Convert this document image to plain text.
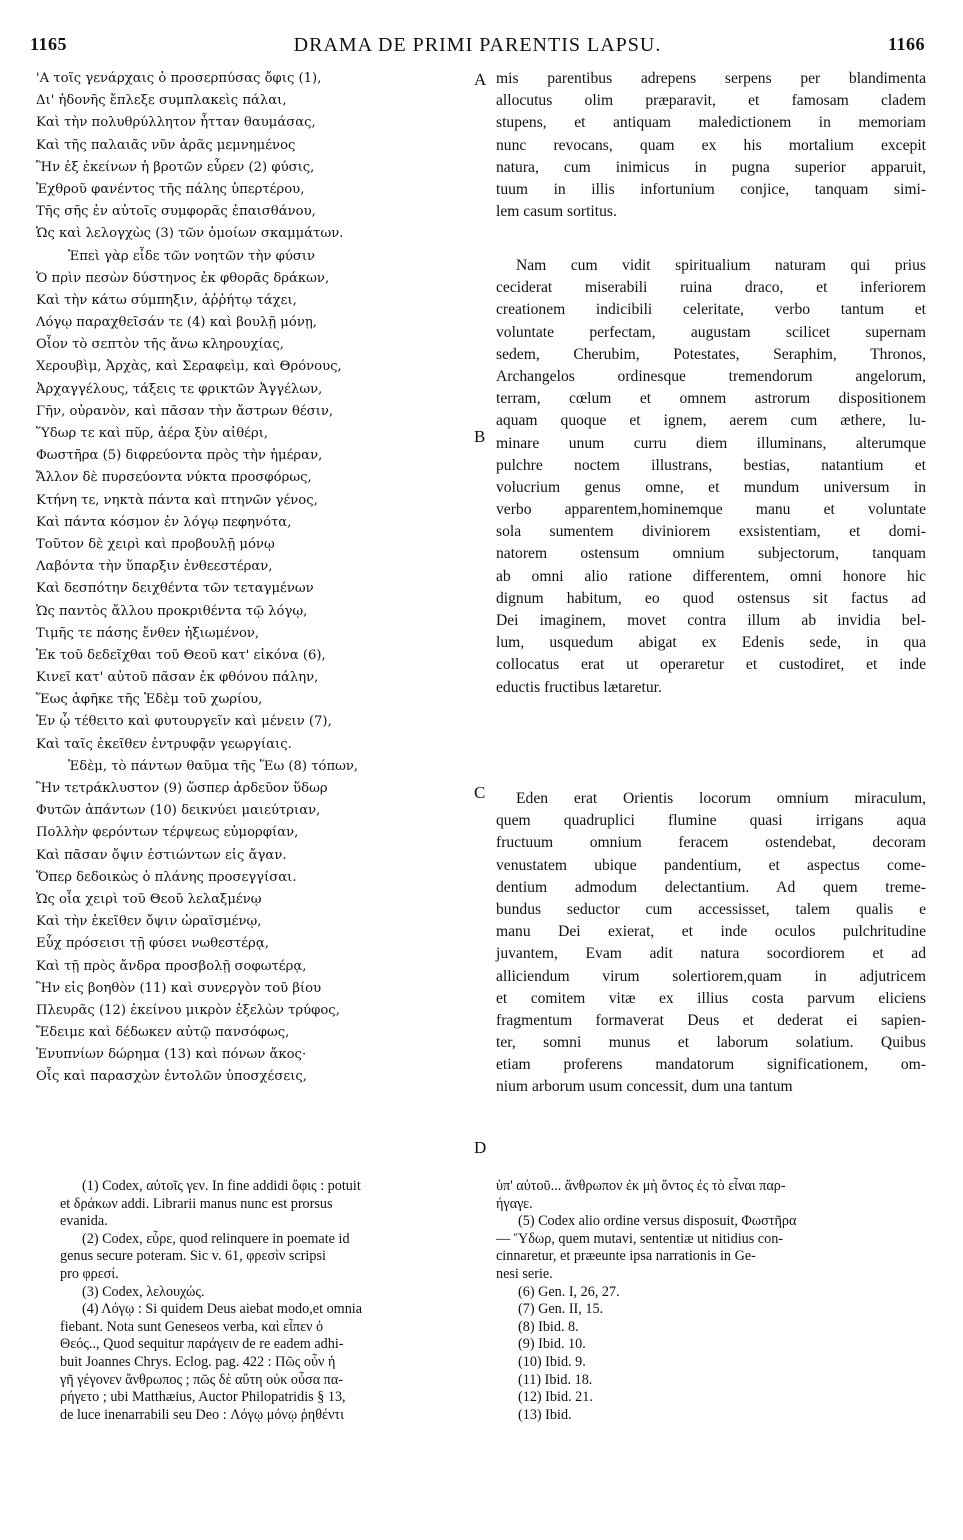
1165	DRAMA DE PRIMI PARENTIS LAPSU.	1166
'Α τοῖς γενάρχαις ὁ προσερπύσας ὄφις (1),
Δι' ἡδονῆς ἔπλεξε συμπλακεὶς πάλαι,
Καὶ τὴν πολυθρύλλητον ἧτταν θαυμάσας,
Καὶ τῆς παλαιᾶς νῦν ἀρᾶς μεμνημένος
Ἣν ἐξ ἐκείνων ἡ βροτῶν εὗρεν (2) φύσις,
Ἐχθροῦ φανέντος τῆς πάλης ὑπερτέρου,
Τῆς σῆς ἐν αὐτοῖς συμφορᾶς ἐπαισθάνου,
Ὡς καὶ λελογχὼς (3) τῶν ὁμοίων σκαμμάτων.
Ἐπεὶ γὰρ εἶδε τῶν νοητῶν τὴν φύσιν
Ὁ πρὶν πεσὼν δύστηνος ἐκ φθορᾶς δράκων,
Καὶ τὴν κάτω σύμπηξιν, ἀῤῥήτῳ τάχει,
Λόγῳ παραχθεῖσάν τε (4) καὶ βουλῇ μόνῃ,
Οἷον τὸ σεπτὸν τῆς ἄνω κληρουχίας,
Χερουβὶμ, Ἀρχὰς, καὶ Σεραφεὶμ, καὶ Θρόνους,
Ἀρχαγγέλους, τάξεις τε φρικτῶν Ἀγγέλων,
Γῆν, οὐρανὸν, καὶ πᾶσαν τὴν ἄστρων θέσιν,
Ὕδωρ τε καὶ πῦρ, ἀέρα ξὺν αἰθέρι,
Φωστῆρα (5) διφρεύοντα πρὸς τὴν ἡμέραν,
Ἄλλον δὲ πυρσεύοντα νύκτα προσφόρως,
Κτήνη τε, νηκτὰ πάντα καὶ πτηνῶν γένος,
Καὶ πάντα κόσμον ἐν λόγῳ πεφηνότα,
Τοῦτον δὲ χειρὶ καὶ προβουλῇ μόνῳ
Λαβόντα τὴν ὕπαρξιν ἐνθεεστέραν,
Καὶ δεσπότην δειχθέντα τῶν τεταγμένων
Ὡς παντὸς ἄλλου προκριθέντα τῷ λόγῳ,
Τιμῆς τε πάσης ἔνθεν ἠξιωμένον,
Ἐκ τοῦ δεδεῖχθαι τοῦ Θεοῦ κατ' εἰκόνα (6),
Κινεῖ κατ' αὐτοῦ πᾶσαν ἐκ φθόνου πάλην,
Ἕως ἀφῆκε τῆς Ἐδὲμ τοῦ χωρίου,
Ἐν ᾧ τέθειτο καὶ φυτουργεῖν καὶ μένειν (7),
Καὶ ταῖς ἐκεῖθεν ἐντρυφᾷν γεωργίαις.
Ἐδὲμ, τὸ πάντων θαῦμα τῆς Ἕω (8) τόπων,
Ἣν τετράκλυστον (9) ὥσπερ ἀρδεῦον ὕδωρ
Φυτῶν ἁπάντων (10) δεικνύει μαιεύτριαν,
Πολλὴν φερόντων τέρψεως εὐμορφίαν,
Καὶ πᾶσαν ὄψιν ἑστιώντων εἰς ἄγαν.
Ὅπερ δεδοικὼς ὁ πλάνης προσεγγίσαι.
Ὡς οἷα χειρὶ τοῦ Θεοῦ λελαξμένῳ
Καὶ τὴν ἐκεῖθεν ὄψιν ὡραϊσμένῳ,
Εὗχ πρόσεισι τῇ φύσει νωθεστέρᾳ,
Καὶ τῇ πρὸς ἄνδρα προσβολῇ σοφωτέρᾳ,
Ἣν εἰς βοηθὸν (11) καὶ συνεργὸν τοῦ βίου
Πλευρᾶς (12) ἐκείνου μικρὸν ἐξελὼν τρύφος,
Ἔδειμε καὶ δέδωκεν αὐτῷ πανσόφως,
Ἐνυπνίων δώρημα (13) καὶ πόνων ἄκος·
Οἷς καὶ παρασχὼν ἐντολῶν ὑποσχέσεις,
mis parentibus adrepens serpens per blandimenta
allocutus olim præparavit, et famosam cladem
stupens, et antiquam maledictionem in memoriam
nunc revocans, quam ex his mortalium excepit
natura, cum inimicus in pugna superior apparuit,
tuum in illis infortunium conjice, tanquam simi-
lem casum sortitus.
Nam cum vidit spiritualium naturam qui prius
ceciderat miserabili ruina draco, et inferiorem
creationem indicibili celeritate, verbo tantum et
voluntate perfectam, augustam scilicet supernam
sedem, Cherubim, Potestates, Seraphim, Thronos,
Archangelos ordinesque tremendorum angelorum,
terram, cœlum et omnem astrorum dispositionem
aquam quoque et ignem, aerem cum æthere, lu-
minare unum curru diem illuminans, alterumque
pulchre noctem illustrans, bestias, natantium et
volucrium genus omne, et mundum universum in
verbo apparentem,hominemque manu et voluntate
sola sumentem diviniorem exsistentiam, et domi-
natorem ostensum omnium subjectorum, tanquam
ab omni alio ratione differentem, omni honore hic
dignum habitum, eo quod ostensus sit factus ad
Dei imaginem, movet contra illum ab invidia bel-
lum, usquedum abigat ex Edenis sede, in qua
collocatus erat ut operaretur et custodiret, et inde
eductis fructibus lætaretur.
Eden erat Orientis locorum omnium miraculum,
quem quadruplici flumine quasi irrigans aqua
fructuum omnium feracem ostendebat, decoram
venustatem ubique pandentium, et aspectus come-
dentium admodum delectantium. Ad quem treme-
bundus seductor cum accessisset, talem qualis e
manu Dei exierat, et inde oculos pulchritudine
juvantem, Evam adit natura socordiorem et ad
alliciendum virum solertiorem,quam in adjutricem
et comitem vitæ ex illius costa parvum eliciens
fragmentum formaverat Deus et dederat ei sapien-
ter, somni munus et laborum solatium. Quibus
etiam proferens mandatorum significationem, om-
nium arborum usum concessit, dum una tantum
A
B
C
D
(1) Codex, αὐτοῖς γεν. In fine addidi ὄφις : potuit
et δράκων addi. Librarii manus nunc est prorsus
evanida.
(2) Codex, εὗρε, quod relinquere in poemate id
genus secure poteram. Sic v. 61, φρεσὶν scripsi
pro φρεσί.
(3) Codex, λελουχώς.
(4) Λόγῳ : Si quidem Deus aiebat modo,et omnia
fiebant. Nota sunt Geneseos verba, καὶ εἶπεν ὁ
Θεός.., Quod sequitur παράγειν de re eadem adhi-
buit Joannes Chrys. Eclog. pag. 422 : Πῶς οὖν ἡ
γῆ γέγονεν ἄνθρωπος ; πῶς δὲ αὕτη οὐκ οὖσα πα-
ρήγετο ; ubi Matthæius, Auctor Philopatridis § 13,
de luce inenarrabili seu Deo : Λόγῳ μόνῳ ῥηθέντι
ὑπ' αὐτοῦ... ἄνθρωπον ἐκ μὴ ὄντος ἐς τὸ εἶναι παρ-
ήγαγε.
(5) Codex alio ordine versus disposuit, Φωστῆρα
— Ὕδωρ, quem mutavi, sententiæ ut nitidius con-
cinnaretur, et præeunte ipsa narrationis in Ge-
nesi serie.
(6) Gen. I, 26, 27.
(7) Gen. II, 15.
(8) Ibid. 8.
(9) Ibid. 10.
(10) Ibid. 9.
(11) Ibid. 18.
(12) Ibid. 21.
(13) Ibid.
